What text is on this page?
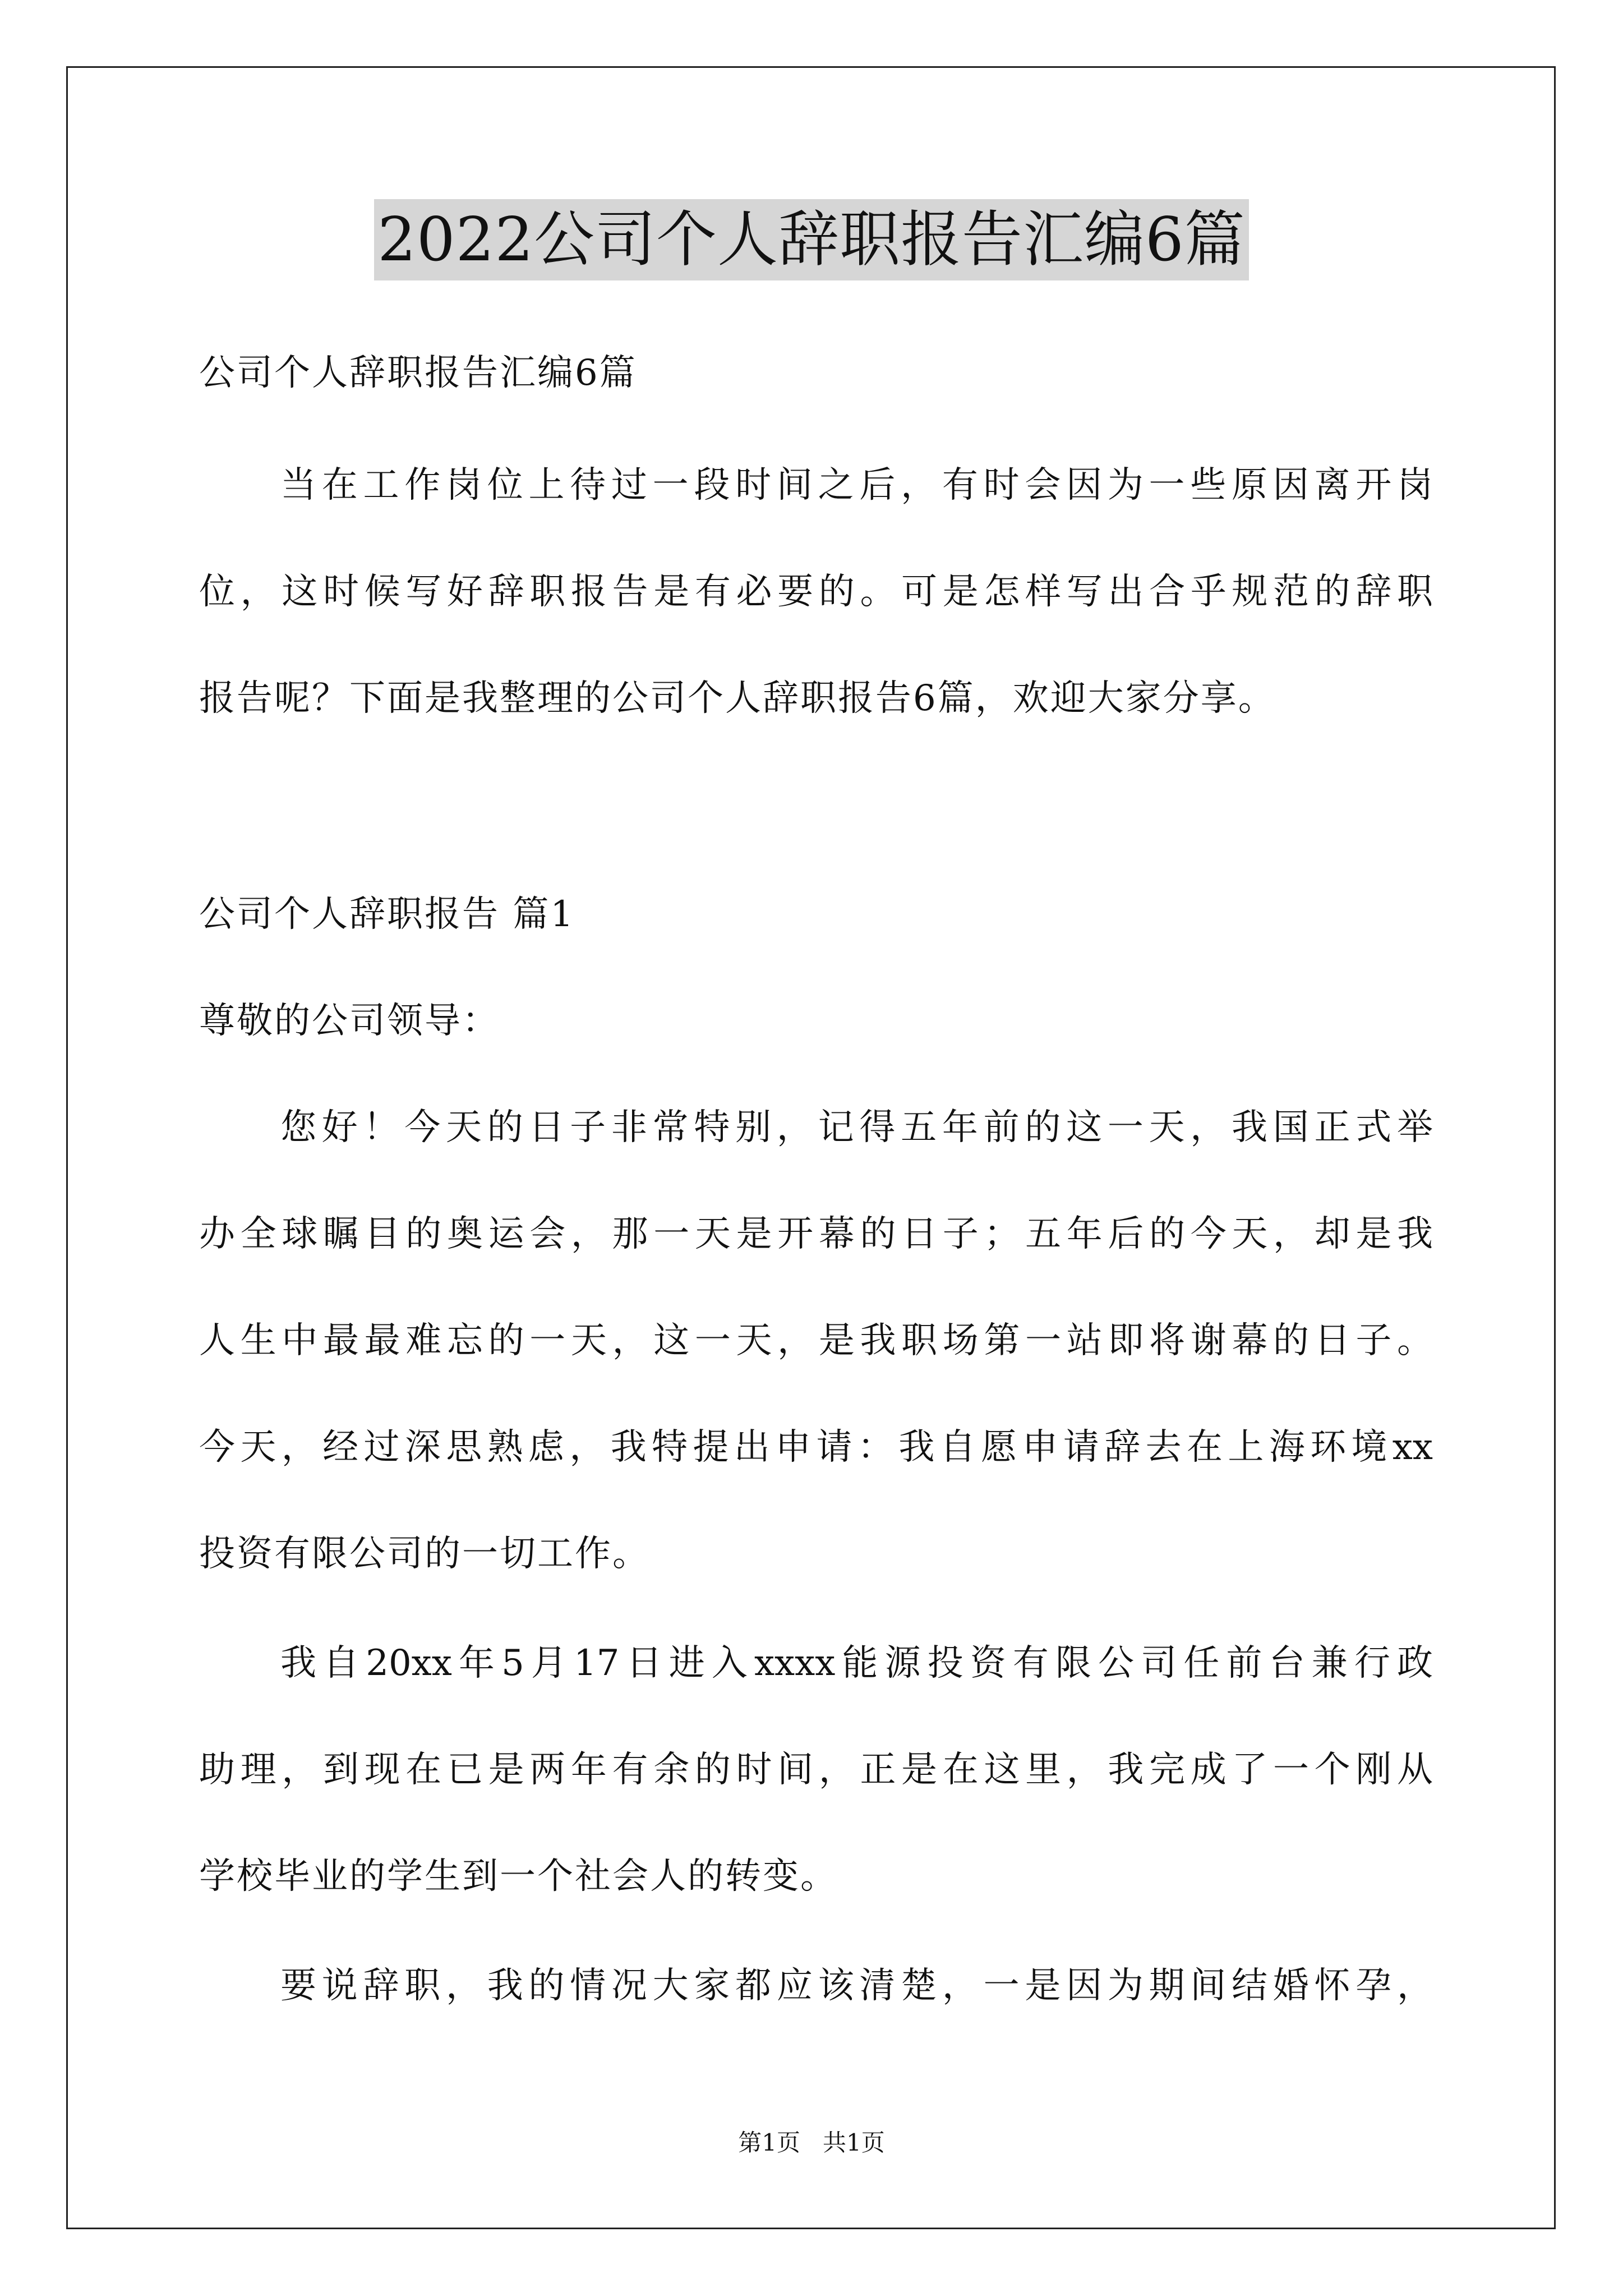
2022公司个人辞职报告汇编6篇
公司个人辞职报告汇编6篇
当在工作岗位上待过一段时间之后，有时会因为一些原因离开岗
位，这时候写好辞职报告是有必要的。可是怎样写出合乎规范的辞职
报告呢？下面是我整理的公司个人辞职报告6篇，欢迎大家分享。
公司个人辞职报告 篇1
尊敬的公司领导：
您好！今天的日子非常特别，记得五年前的这一天，我国正式举
办全球瞩目的奥运会，那一天是开幕的日子；五年后的今天，却是我
人生中最最难忘的一天，这一天，是我职场第一站即将谢幕的日子。
今天，经过深思熟虑，我特提出申请：我自愿申请辞去在上海环境xx
投资有限公司的一切工作。
我自20xx年5月17日进入xxxx能源投资有限公司任前台兼行政
助理，到现在已是两年有余的时间，正是在这里，我完成了一个刚从
学校毕业的学生到一个社会人的转变。
要说辞职，我的情况大家都应该清楚，一是因为期间结婚怀孕，
第1页   共1页
